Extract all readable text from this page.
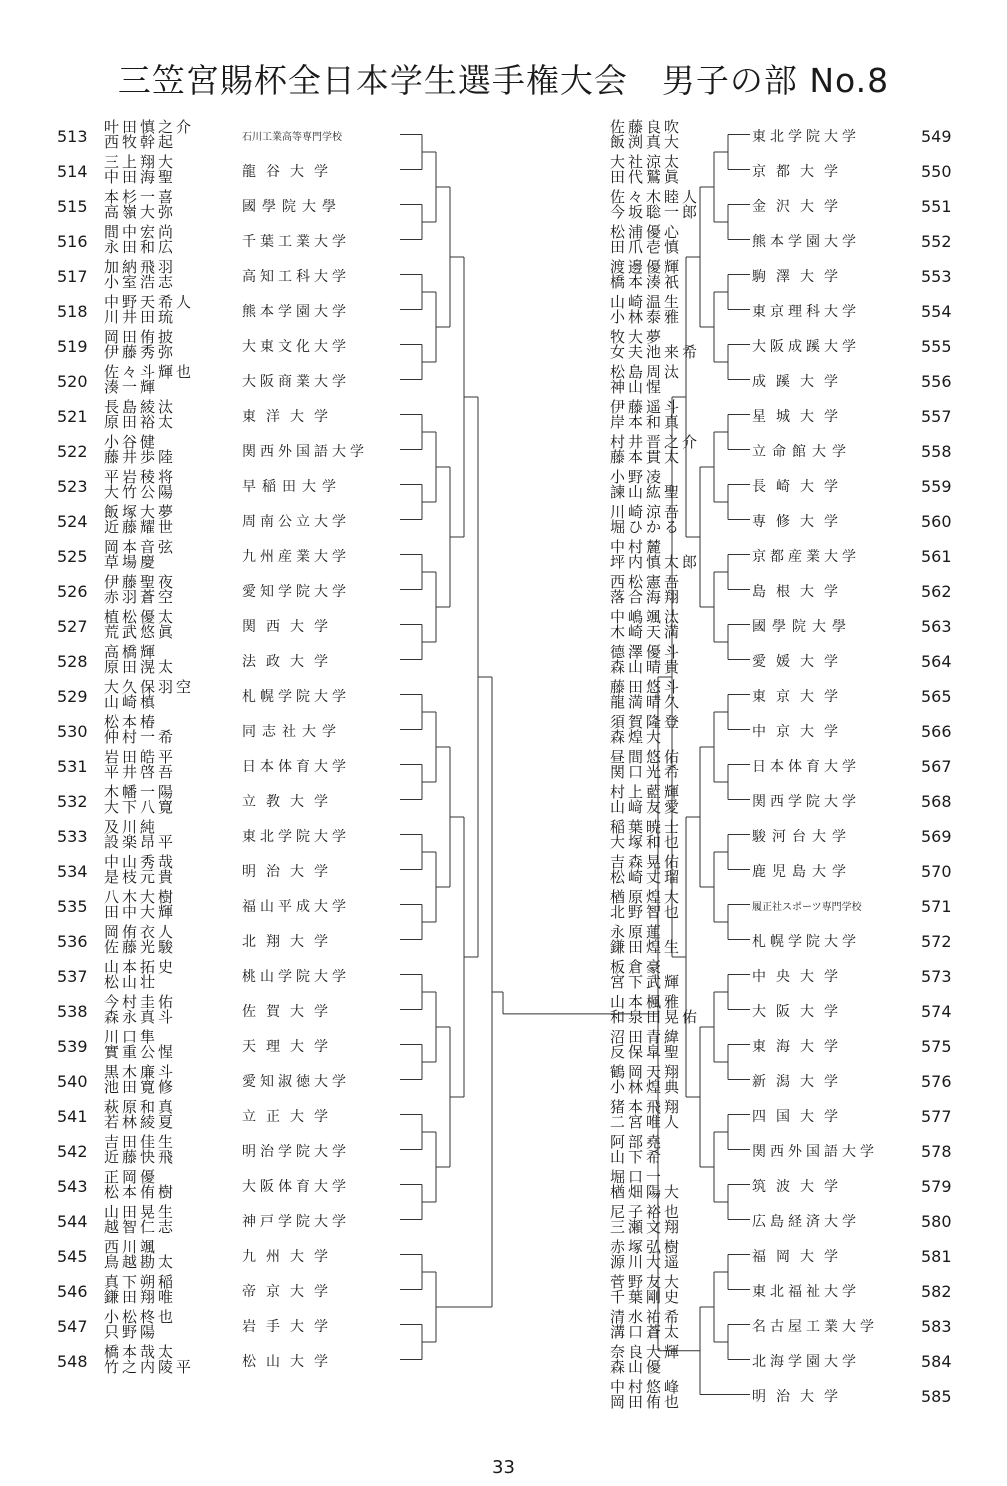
三笠宮賜杯全日本学生選手権大会　男子の部 No.8
513 叶田慎之介
西牧幹起	石川工業高等専門学校
514 三上翔大
中田海聖	龍谷大学
515 本杉一喜
高嶺大弥	國學院大學
516 間中宏尚
永田和広	千葉工業大学
517 加納飛羽
小室浩志	高知工科大学
518 中野天希人
川井田琉	熊本学園大学
519 岡田侑披
伊藤秀弥	大東文化大学
520 佐々斗輝也
湊一輝	大阪商業大学
521 長島綾汰
原田裕太	東洋大学
522 小谷健
藤井歩陸	関西外国語大学
523 平岩稜将
大竹公陽	早稲田大学
524 飯塚大夢
近藤耀世	周南公立大学
525 岡本音弦
草場慶	九州産業大学
526 伊藤聖夜
赤羽蒼空	愛知学院大学
527 植松優太
荒武悠眞	関西大学
528 高橋輝
原田滉太	法政大学
529 大久保羽空
山崎槙	札幌学院大学
530 松本椿
仲村一希	同志社大学
531 岩田皓平
平井啓吾	日本体育大学
532 木幡一陽
大下八寛	立教大学
533 及川純
設楽昂平	東北学院大学
534 中山秀哉
是枝元貴	明治大学
535 八木大樹
田中大輝	福山平成大学
536 岡侑衣人
佐藤光駿	北翔大学
537 山本拓史
松山壮	桃山学院大学
538 今村圭佑
森永真斗	佐賀大学
539 川口隼
實重公惺	天理大学
540 黒木廉斗
池田寛修	愛知淑徳大学
541 萩原和真
若林綾夏	立正大学
542 吉田佳生
近藤快飛	明治学院大学
543 正岡優
松本侑樹	大阪体育大学
544 山田晃生
越智仁志	神戸学院大学
545 西川颯
鳥越勘太	九州大学
546 真下朔稲
鎌田翔唯	帝京大学
547 小松柊也
只野陽	岩手大学
548 橋本哉太
竹之内陵平	松山大学
佐藤良吹
飯渕真大	東北学院大学	549
大社涼太
田代鷲眞	京都大学	550
佐々木睦人
今坂聡一郎	金沢大学	551
松浦優心
田爪壱慎	熊本学園大学	552
渡邊優輝
橋本湊祇	駒澤大学	553
山崎温生
小林泰雅	東京理科大学	554
牧大夢
女夫池来希	大阪成蹊大学	555
松島周汰
神山惺	成蹊大学	556
伊藤遥斗
岸本和真	星城大学	557
村井晋之介
藤本貫太	立命館大学	558
小野凌
諫山紘聖	長崎大学	559
川崎涼吾
堀ひかる	専修大学	560
中村麓
坪内慎太郎	京都産業大学	561
西松憲吾
落合海翔	島根大学	562
中嶋颯汰
木崎天満	國學院大學	563
德澤優斗
森山晴貴	愛媛大学	564
藤田悠斗
龍満晴久	東京大学	565
須賀隆登
森煌大	中京大学	566
昼間悠佑
関口光希	日本体育大学	567
村上藍輝
山﨑友愛	関西学院大学	568
稲葉暁士
大塚和也	駿河台大学	569
吉森晃佑
松崎丈瑠	鹿児島大学	570
楢原煌大
北野智也	履正社スポーツ専門学校	571
永原蓮
鎌田煌生	札幌学院大学	572
板倉豪
宮下武輝	中央大学	573
山本楓雅
和泉田晃佑	大阪大学	574
沼田青緯
反保皐聖	東海大学	575
鶴岡天翔
小林煌典	新潟大学	576
猪本飛翔
二宮唯人	四国大学	577
阿部堯
山下希	関西外国語大学	578
堀口一
楢畑陽大	筑波大学	579
尼子裕也
三瀬文翔	広島経済大学	580
赤塚弘樹
源川大遥	福岡大学	581
菅野友大
千葉剛史	東北福祉大学	582
清水祐希
溝口蒼太	名古屋工業大学	583
奈良大輝
森山優	北海学園大学	584
中村悠峰
岡田侑也	明治大学	585
33
